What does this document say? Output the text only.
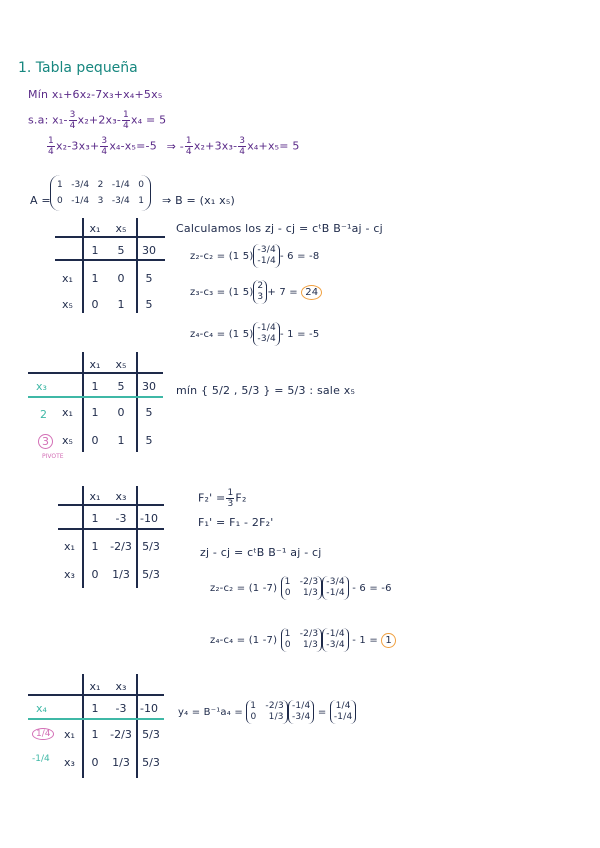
1. Tabla pequeña
Mín x₁+6x₂-7x₃+x₄+5x₅
s.a: $x_1- \frac{3}{4} x_2+2x_3- \frac{1}{4} x_4 = 5$
$\frac{1}{4} x_2-3x_3+ \frac{3}{4} x_4-x_5=-5$ ⇒ - $\frac{1}{4} x_2+3x_3- \frac{3}{4} x_4+x_5= 5$
A =
1   -3/4   2   -1/4   0
0   -1/4   3   -3/4   1 ⇒ B = (x₁ x₅)
x₁	x₅
1	5	30
x₁	1	0	5
x₅	0	1	5
Calculamos los zj - cj = cᵗB B⁻¹aj - cj
z₂-c₂ = (1 5)
-3/4
-1/4 - 6 = -8
z₃-c₃ = (1 5)
2
3 + 7 = 24
z₄-c₄ = (1 5)
-1/4
-3/4 - 1 = -5
x₁	x₅
x₃	1	5	30
2 x₁	1	0	5
3	x₅	0	1	5
PIVOTE
mín { 5/2 , 5/3 } = 5/3 : sale x₅
x₁	x₃
1	-3	-10
x₁	1	-2/3 5/3
x₃	0	1/3	5/3
$F_2' = \frac{1}{3} F_2$
F₁' = F₁ - 2F₂'
zj - cj = cᵗB B⁻¹ aj - cj
z₂-c₂ = (1 -7)
1   -2/3
0    1/3
-3/4
-1/4 - 6 = -6
z₄-c₄ = (1 -7)
1   -2/3
0    1/3
-1/4
-3/4 - 1 = 1
x₁	x₃
x₄	1	-3	-10
1/4	x₁	1	-2/3 5/3
-1/4 x₃	0	1/3	5/3
y₄ = B⁻¹a₄ =
1   -2/3
0    1/3
-1/4
-3/4 =
1/4
-1/4
